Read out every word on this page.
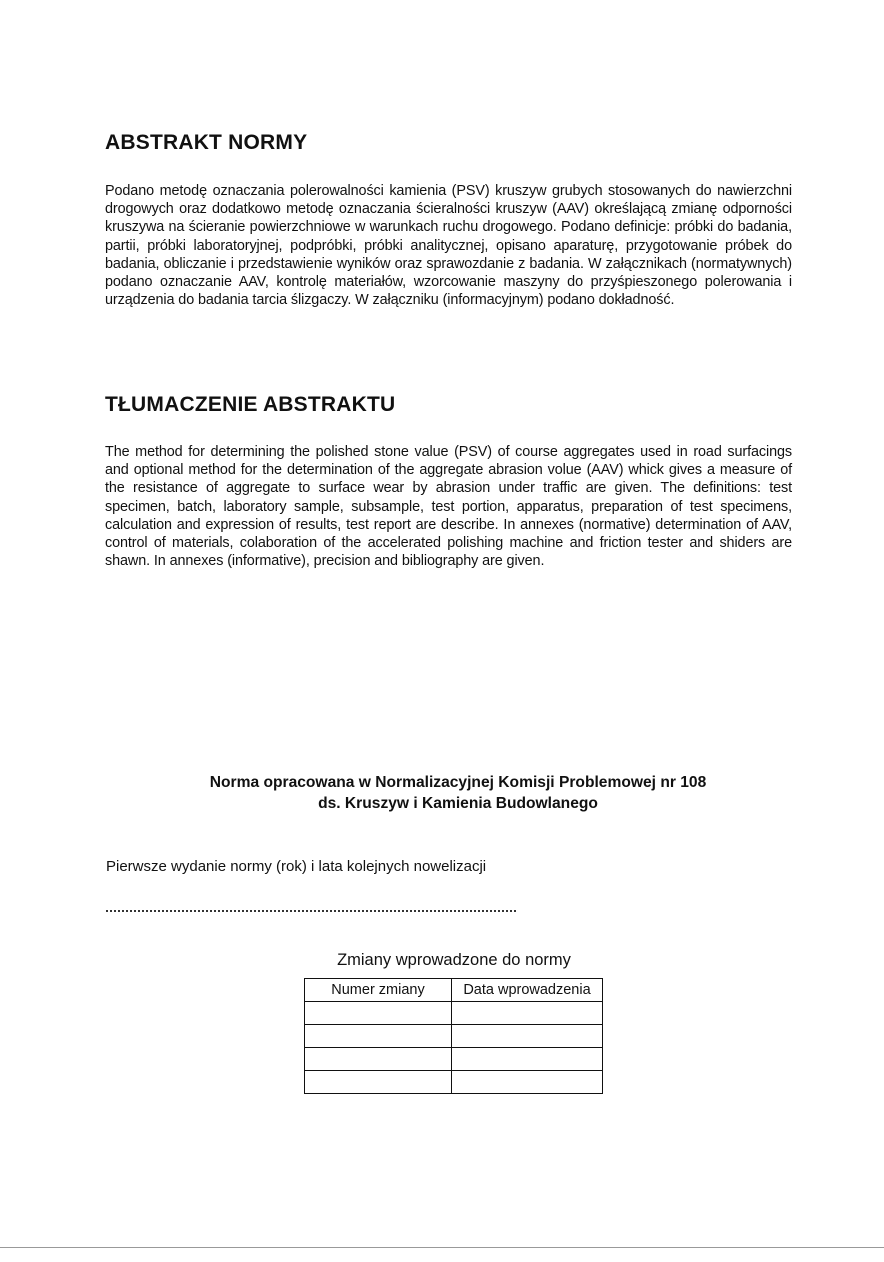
ABSTRAKT NORMY

Podano metodę oznaczania polerowalności kamienia (PSV) kruszyw grubych stosowanych do nawierzchni drogowych oraz dodatkowo metodę oznaczania ścieralności kruszyw (AAV) określającą zmianę odporności kruszywa na ścieranie powierzchniowe w warunkach ruchu drogowego. Podano definicje: próbki do badania, partii, próbki laboratoryjnej, podpróbki, próbki analitycznej, opisano aparaturę, przygotowanie próbek do badania, obliczanie i przedstawienie wyników oraz sprawozdanie z badania. W załącznikach (normatywnych) podano oznaczanie AAV, kontrolę materiałów, wzorcowanie maszyny do przyśpieszonego polerowania i urządzenia do badania tarcia ślizgaczy. W załączniku (informacyjnym) podano dokładność.

TŁUMACZENIE ABSTRAKTU

The method for determining the polished stone value (PSV) of course aggregates used in road surfacings and optional method for the determination of the aggregate abrasion volue (AAV) whick gives a measure of the resistance of aggregate to surface wear by abrasion under traffic are given. The definitions: test specimen, batch, laboratory sample, subsample, test portion, apparatus, preparation of test specimens, calculation and expression of results, test report are describe. In annexes (normative) determination of AAV, control of materials, colaboration of the accelerated polishing machine and friction tester and shiders are shawn. In annexes (informative), precision and bibliography are given.

Norma opracowana w Normalizacyjnej Komisji Problemowej nr 108

ds. Kruszyw i Kamienia Budowlanego

Pierwsze wydanie normy (rok) i lata kolejnych nowelizacji

Zmiany wprowadzone do normy

Numer zmiany	Data wprowadzenia
